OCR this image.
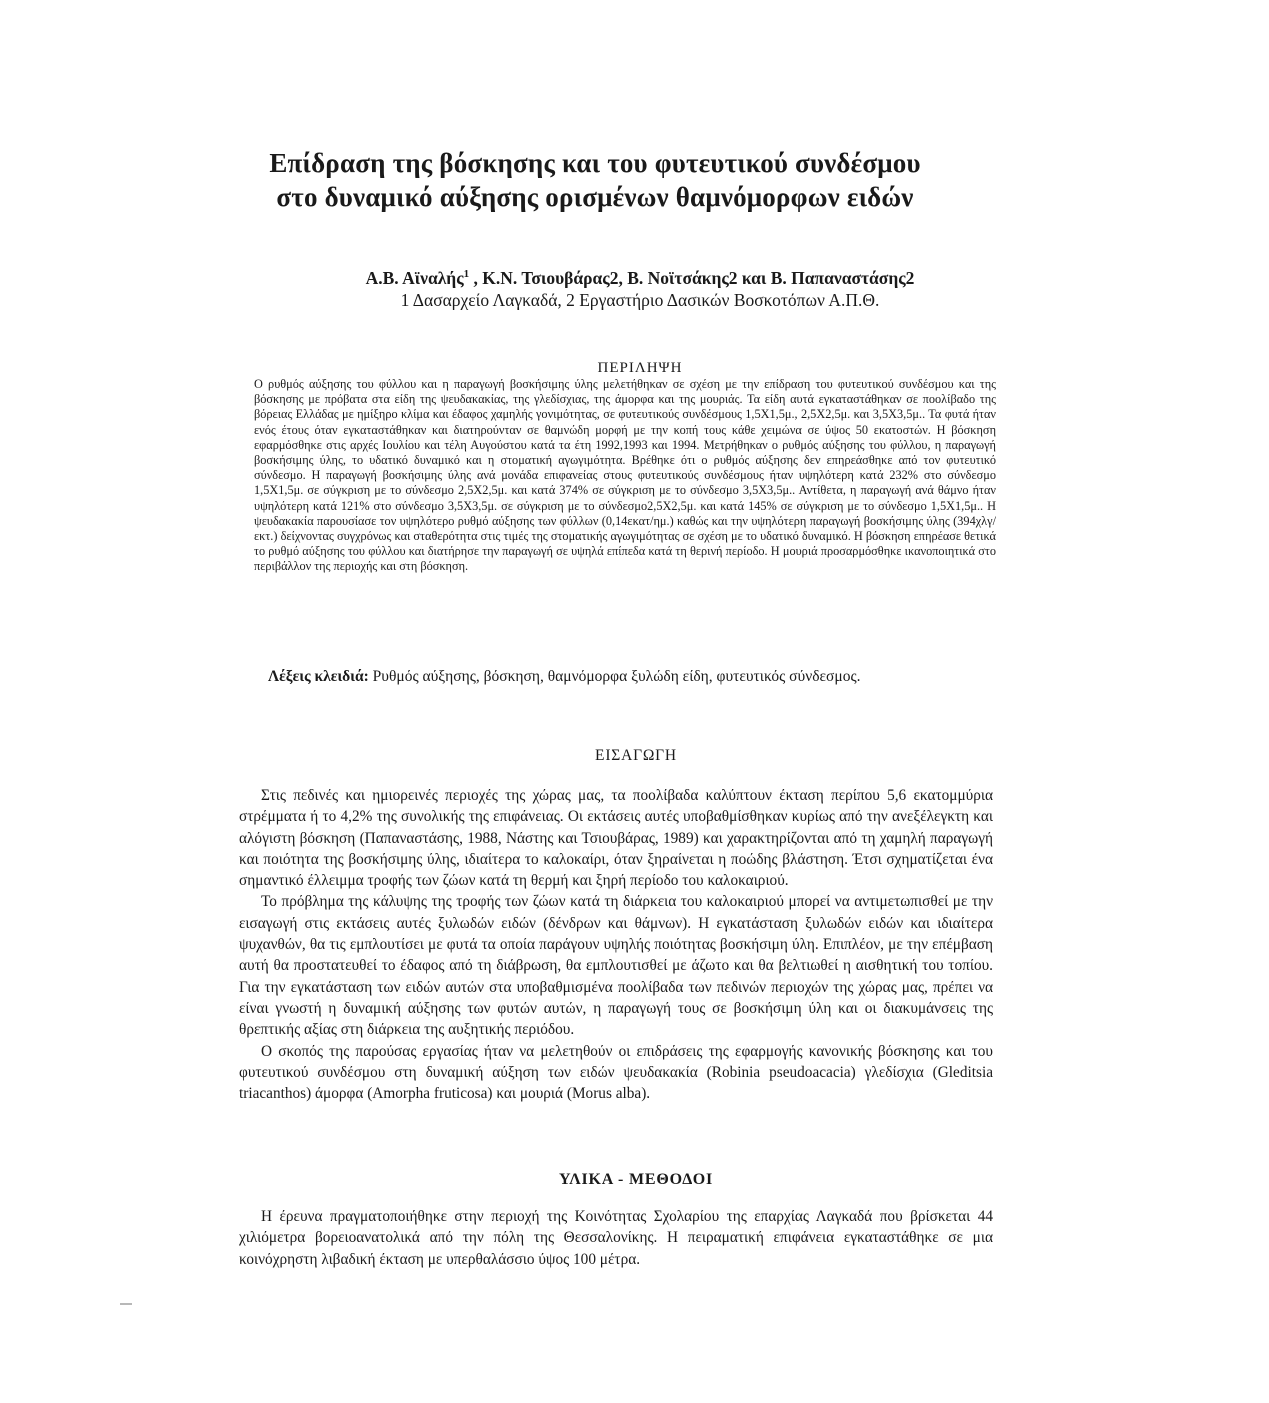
Επίδραση της βόσκησης και του φυτευτικού συνδέσμου
στο δυναμικό αύξησης ορισμένων θαμνόμορφων ειδών
Α.Β. Αϊναλής$^1$ , Κ.Ν. Τσιουβάρας2, Β. Νοϊτσάκης2 και Β. Παπαναστάσης2
1 Δασαρχείο Λαγκαδά, 2 Εργαστήριο Δασικών Βοσκοτόπων Α.Π.Θ.
ΠΕΡΙΛΗΨΗ

Ο ρυθμός αύξησης του φύλλου και η παραγωγή βοσκήσιμης ύλης μελετήθηκαν σε σχέση με την επίδραση του φυτευτικού συνδέσμου και της βόσκησης με πρόβατα στα είδη της ψευδακακίας, της γλεδίσχιας, της άμορφα και της μουριάς. Τα είδη αυτά εγκαταστάθηκαν σε ποολίβαδο της βόρειας Ελλάδας με ημίξηρο κλίμα και έδαφος χαμηλής γονιμότητας, σε φυτευτικούς συνδέσμους 1,5Χ1,5μ., 2,5Χ2,5μ. και 3,5Χ3,5μ.. Τα φυτά ήταν ενός έτους όταν εγκαταστάθηκαν και διατηρούνταν σε θαμνώδη μορφή με την κοπή τους κάθε χειμώνα σε ύψος 50 εκατοστών. Η βόσκηση εφαρμόσθηκε στις αρχές Ιουλίου και τέλη Αυγούστου κατά τα έτη 1992,1993 και 1994. Μετρήθηκαν ο ρυθμός αύξησης του φύλλου, η παραγωγή βοσκήσιμης ύλης, το υδατικό δυναμικό και η στοματική αγωγιμότητα. Βρέθηκε ότι ο ρυθμός αύξησης δεν επηρεάσθηκε από τον φυτευτικό σύνδεσμο. Η παραγωγή βοσκήσιμης ύλης ανά μονάδα επιφανείας στους φυτευτικούς συνδέσμους ήταν υψηλότερη κατά 232% στο σύνδεσμο 1,5Χ1,5μ. σε σύγκριση με το σύνδεσμο 2,5Χ2,5μ. και κατά 374% σε σύγκριση με το σύνδεσμο 3,5Χ3,5μ.. Αντίθετα, η παραγωγή ανά θάμνο ήταν υψηλότερη κατά 121% στο σύνδεσμο 3,5Χ3,5μ. σε σύγκριση με το σύνδεσμο2,5Χ2,5μ. και κατά 145% σε σύγκριση με το σύνδεσμο 1,5Χ1,5μ.. Η ψευδακακία παρουσίασε τον υψηλότερο ρυθμό αύξησης των φύλλων (0,14εκατ/ημ.) καθώς και την υψηλότερη παραγωγή βοσκήσιμης ύλης (394χλγ/εκτ.) δείχνοντας συγχρόνως και σταθερότητα στις τιμές της στοματικής αγωγιμότητας σε σχέση με το υδατικό δυναμικό. Η βόσκηση επηρέασε θετικά το ρυθμό αύξησης του φύλλου και διατήρησε την παραγωγή σε υψηλά επίπεδα κατά τη θερινή περίοδο. Η μουριά προσαρμόσθηκε ικανοποιητικά στο περιβάλλον της περιοχής και στη βόσκηση.

Λέξεις κλειδιά: Ρυθμός αύξησης, βόσκηση, θαμνόμορφα ξυλώδη είδη, φυτευτικός σύνδεσμος.

ΕΙΣΑΓΩΓΗ
Στις πεδινές και ημιορεινές περιοχές της χώρας μας, τα ποολίβαδα καλύπτουν έκταση περίπου 5,6 εκατομμύρια στρέμματα ή το 4,2% της συνολικής της επιφάνειας. Οι εκτάσεις αυτές υποβαθμίσθηκαν κυρίως από την ανεξέλεγκτη και αλόγιστη βόσκηση (Παπαναστάσης, 1988, Νάστης και Τσιουβάρας, 1989) και χαρακτηρίζονται από τη χαμηλή παραγωγή και ποιότητα της βοσκήσιμης ύλης, ιδιαίτερα το καλοκαίρι, όταν ξηραίνεται η ποώδης βλάστηση. Έτσι σχηματίζεται ένα σημαντικό έλλειμμα τροφής των ζώων κατά τη θερμή και ξηρή περίοδο του καλοκαιριού.
Το πρόβλημα της κάλυψης της τροφής των ζώων κατά τη διάρκεια του καλοκαιριού μπορεί να αντιμετωπισθεί με την εισαγωγή στις εκτάσεις αυτές ξυλωδών ειδών (δένδρων και θάμνων). Η εγκατάσταση ξυλωδών ειδών και ιδιαίτερα ψυχανθών, θα τις εμπλουτίσει με φυτά τα οποία παράγουν υψηλής ποιότητας βοσκήσιμη ύλη. Επιπλέον, με την επέμβαση αυτή θα προστατευθεί το έδαφος από τη διάβρωση, θα εμπλουτισθεί με άζωτο και θα βελτιωθεί η αισθητική του τοπίου. Για την εγκατάσταση των ειδών αυτών στα υποβαθμισμένα ποολίβαδα των πεδινών περιοχών της χώρας μας, πρέπει να είναι γνωστή η δυναμική αύξησης των φυτών αυτών, η παραγωγή τους σε βοσκήσιμη ύλη και οι διακυμάνσεις της θρεπτικής αξίας στη διάρκεια της αυξητικής περιόδου.
Ο σκοπός της παρούσας εργασίας ήταν να μελετηθούν οι επιδράσεις της εφαρμογής κανονικής βόσκησης και του φυτευτικού συνδέσμου στη δυναμική αύξηση των ειδών ψευδακακία (Robinia pseudoacacia) γλεδίσχια (Gleditsia triacanthos) άμορφα (Amorpha fruticosa) και μουριά (Morus alba).
ΥΛΙΚΑ - ΜΕΘΟΔΟΙ
Η έρευνα πραγματοποιήθηκε στην περιοχή της Κοινότητας Σχολαρίου της επαρχίας Λαγκαδά που βρίσκεται 44 χιλιόμετρα βορειοανατολικά από την πόλη της Θεσσαλονίκης. Η πειραματική επιφάνεια εγκαταστάθηκε σε μια κοινόχρηστη λιβαδική έκταση με υπερθαλάσσιο ύψος 100 μέτρα.
